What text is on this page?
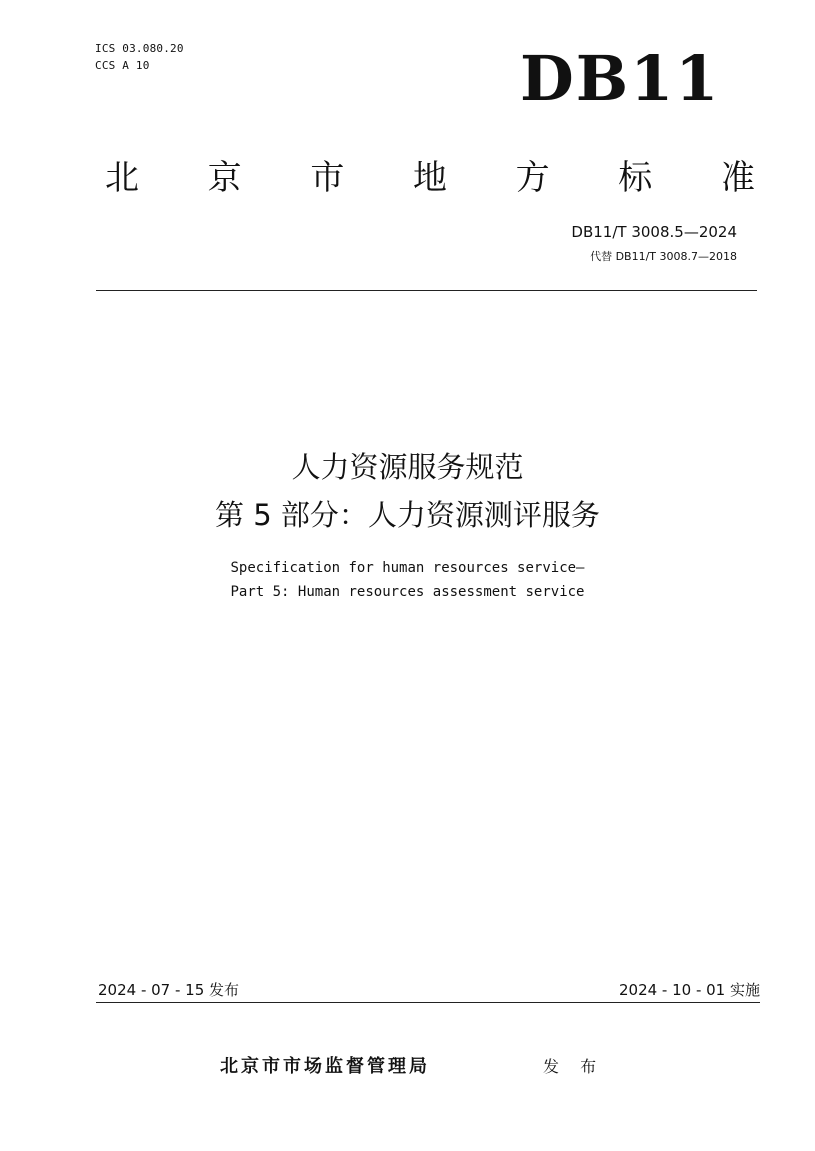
ICS 03.080.20
CCS A 10	DB11
北 京 市 地 方 标 准
DB11/T 3008.5—2024
代替 DB11/T 3008.7—2018
人力资源服务规范
第 5 部分：人力资源测评服务
Specification for human resources service—
Part 5: Human resources assessment service
2024 - 07 - 15 发布	2024 - 10 - 01 实施
北京市市场监督管理局	发 布
